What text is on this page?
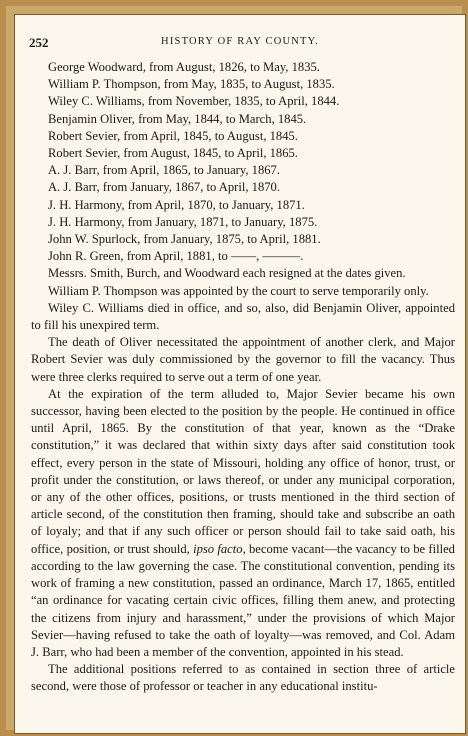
252	HISTORY OF RAY COUNTY.
George Woodward, from August, 1826, to May, 1835.
William P. Thompson, from May, 1835, to August, 1835.
Wiley C. Williams, from November, 1835, to April, 1844.
Benjamin Oliver, from May, 1844, to March, 1845.
Robert Sevier, from April, 1845, to August, 1845.
Robert Sevier, from August, 1845, to April, 1865.
A. J. Barr, from April, 1865, to January, 1867.
A. J. Barr, from January, 1867, to April, 1870.
J. H. Harmony, from April, 1870, to January, 1871.
J. H. Harmony, from January, 1871, to January, 1875.
John W. Spurlock, from January, 1875, to April, 1881.
John R. Green, from April, 1881, to ——, ———.

Messrs. Smith, Burch, and Woodward each resigned at the dates given.

William P. Thompson was appointed by the court to serve temporarily only.

Wiley C. Williams died in office, and so, also, did Benjamin Oliver, appointed to fill his unexpired term.

The death of Oliver necessitated the appointment of another clerk, and Major Robert Sevier was duly commissioned by the governor to fill the vacancy. Thus were three clerks required to serve out a term of one year.

At the expiration of the term alluded to, Major Sevier became his own successor, having been elected to the position by the people. He continued in office until April, 1865. By the constitution of that year, known as the “Drake constitution,” it was declared that within sixty days after said constitution took effect, every person in the state of Missouri, holding any office of honor, trust, or profit under the constitution, or laws thereof, or under any municipal corporation, or any of the other offices, positions, or trusts mentioned in the third section of article second, of the constitution then framing, should take and subscribe an oath of loyaly; and that if any such officer or person should fail to take said oath, his office, position, or trust should, ipso facto, become vacant—the vacancy to be filled according to the law governing the case. The constitutional convention, pending its work of framing a new constitution, passed an ordinance, March 17, 1865, entitled “an ordinance for vacating certain civic offices, filling them anew, and protecting the citizens from injury and harassment,” under the provisions of which Major Sevier—having refused to take the oath of loyalty—was removed, and Col. Adam J. Barr, who had been a member of the convention, appointed in his stead.

The additional positions referred to as contained in section three of article second, were those of professor or teacher in any educational institu-
